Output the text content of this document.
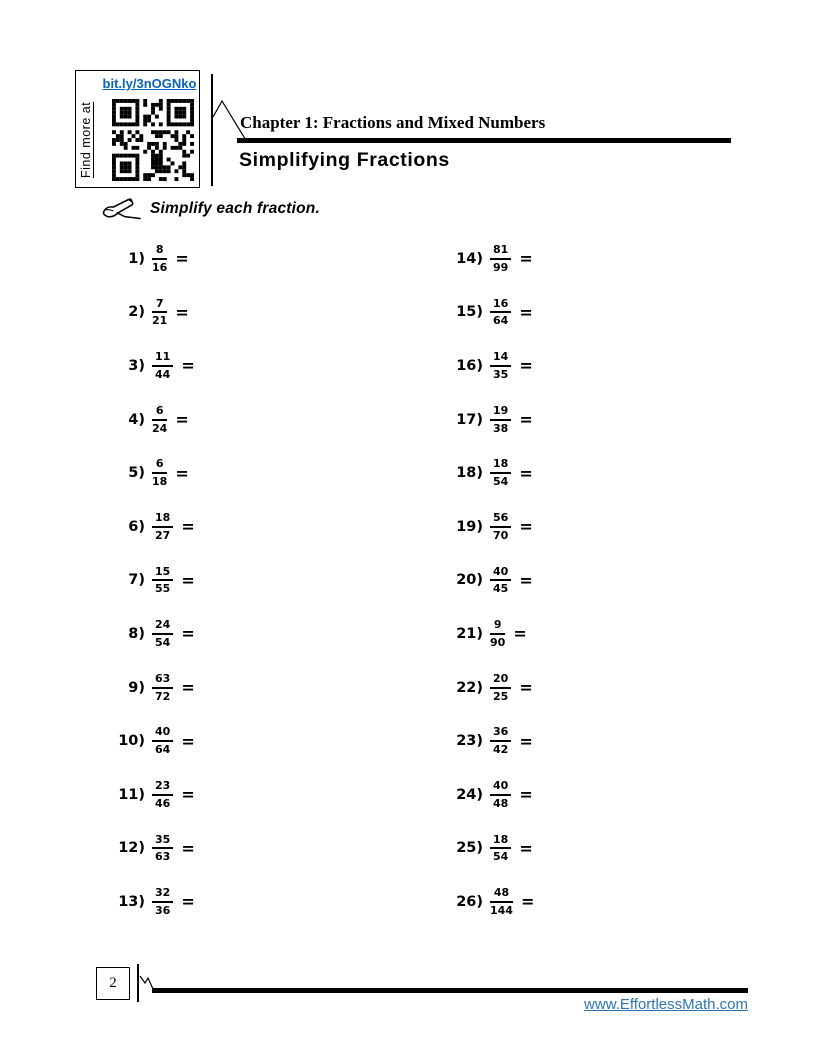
bit.ly/3nOGNko
Find more at	Chapter 1: Fractions and Mixed Numbers
Simplifying Fractions
Simplify each fraction.
$1) \frac{8}{16}$ =
$2) \frac{7}{21}$ =
$3) \frac{11}{44}$ =
$4) \frac{6}{24}$ =
$5) \frac{6}{18}$ =
$6) \frac{18}{27}$ =
$7) \frac{15}{55}$ =
$8) \frac{24}{54}$ =
$9) \frac{63}{72}$ =
$10) \frac{40}{64}$ =
$11) \frac{23}{46}$ =
$12) \frac{35}{63}$ =
$13) \frac{32}{36}$ =
$14) \frac{81}{99}$ =
$15) \frac{16}{64}$ =
$16) \frac{14}{35}$ =
$17) \frac{19}{38}$ =
$18) \frac{18}{54}$ =
$19) \frac{56}{70}$ =
$20) \frac{40}{45}$ =
$21) \frac{9}{90}$ =
$22) \frac{20}{25}$ =
$23) \frac{36}{42}$ =
$24) \frac{40}{48}$ =
$25) \frac{18}{54}$ =
$26) \frac{48}{144}$ =
2
www.EffortlessMath.com
